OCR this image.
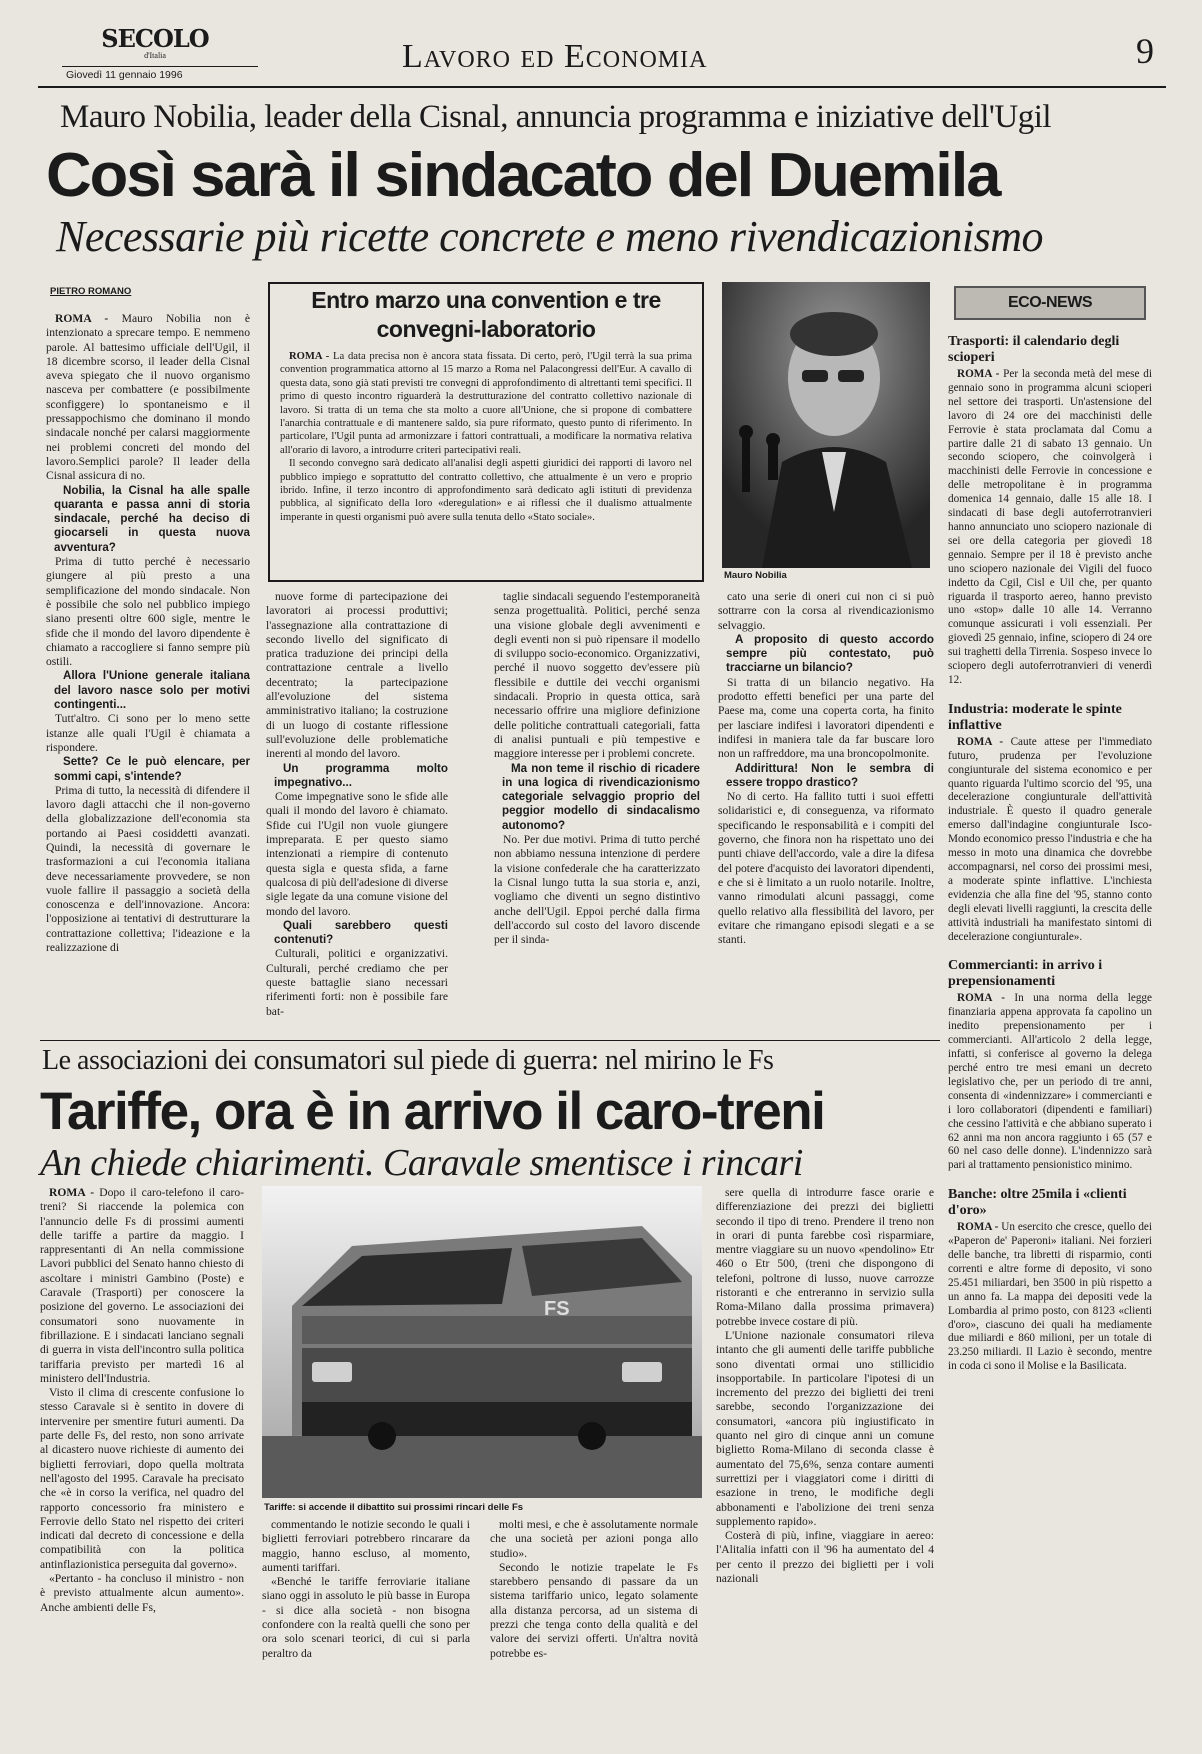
SECOLO
d'Italia
Giovedì 11 gennaio 1996	Lavoro ed Economia	9
Mauro Nobilia, leader della Cisnal, annuncia programma e iniziative dell'Ugil
Così sarà il sindacato del Duemila
Necessarie più ricette concrete e meno rivendicazionismo
PIETRO ROMANO

ROMA - Mauro Nobilia non è intenzionato a sprecare tempo. E nemmeno parole. Al battesimo ufficiale dell'Ugil, il 18 dicembre scorso, il leader della Cisnal aveva spiegato che il nuovo organismo nasceva per combattere (e possibilmente sconfiggere) lo spontaneismo e il pressappochismo che dominano il mondo sindacale nonché per calarsi maggiormente nei problemi concreti del mondo del lavoro.Semplici parole? Il leader della Cisnal assicura di no.

Nobilia, la Cisnal ha alle spalle quaranta e passa anni di storia sindacale, perché ha deciso di giocarseli in questa nuova avventura?

Prima di tutto perché è necessario giungere al più presto a una semplificazione del mondo sindacale. Non è possibile che solo nel pubblico impiego siano presenti oltre 600 sigle, mentre le sfide che il mondo del lavoro dipendente è chiamato a raccogliere si fanno sempre più ostili.

Allora l'Unione generale italiana del lavoro nasce solo per motivi contingenti...

Tutt'altro. Ci sono per lo meno sette istanze alle quali l'Ugil è chiamata a rispondere.

Sette? Ce le può elencare, per sommi capi, s'intende?

Prima di tutto, la necessità di difendere il lavoro dagli attacchi che il non-governo della globalizzazione dell'economia sta portando ai Paesi cosiddetti avanzati. Quindi, la necessità di governare le trasformazioni a cui l'economia italiana deve necessariamente provvedere, se non vuole fallire il passaggio a società della conoscenza e dell'innovazione. Ancora: l'opposizione ai tentativi di destrutturare la contrattazione collettiva; l'ideazione e la realizzazione di

nuove forme di partecipazione dei lavoratori ai processi produttivi; l'assegnazione alla contrattazione di secondo livello del significato di pratica traduzione dei principi della contrattazione centrale a livello decentrato; la partecipazione all'evoluzione del sistema amministrativo italiano; la costruzione di un luogo di costante riflessione sull'evoluzione delle problematiche inerenti al mondo del lavoro.

Un programma molto impegnativo...

Come impegnative sono le sfide alle quali il mondo del lavoro è chiamato. Sfide cui l'Ugil non vuole giungere impreparata. E per questo siamo intenzionati a riempire di contenuto questa sigla e questa sfida, a farne qualcosa di più dell'adesione di diverse sigle legate da una comune visione del mondo del lavoro.

Quali sarebbero questi contenuti?

Culturali, politici e organizzativi. Culturali, perché crediamo che per queste battaglie siano necessari riferimenti forti: non è possibile fare bat-

taglie sindacali seguendo l'estemporaneità senza progettualità. Politici, perché senza una visione globale degli avvenimenti e degli eventi non si può ripensare il modello di sviluppo socio-economico. Organizzativi, perché il nuovo soggetto dev'essere più flessibile e duttile dei vecchi organismi sindacali. Proprio in questa ottica, sarà necessario offrire una migliore definizione delle politiche contrattuali categoriali, fatta di analisi puntuali e più tempestive e maggiore interesse per i problemi concrete.

Ma non teme il rischio di ricadere in una logica di rivendicazionismo categoriale selvaggio proprio del peggior modello di sindacalismo autonomo?

No. Per due motivi. Prima di tutto perché non abbiamo nessuna intenzione di perdere la visione confederale che ha caratterizzato la Cisnal lungo tutta la sua storia e, anzi, vogliamo che diventi un segno distintivo anche dell'Ugil. Eppoi perché dalla firma dell'accordo sul costo del lavoro discende per il sinda-

cato una serie di oneri cui non ci si può sottrarre con la corsa al rivendicazionismo selvaggio.

A proposito di questo accordo sempre più contestato, può tracciarne un bilancio?

Si tratta di un bilancio negativo. Ha prodotto effetti benefici per una parte del Paese ma, come una coperta corta, ha finito per lasciare indifesi i lavoratori dipendenti e indifesi in maniera tale da far buscare loro non un raffreddore, ma una broncopolmonite.

Addirittura! Non le sembra di essere troppo drastico?

No di certo. Ha fallito tutti i suoi effetti solidaristici e, di conseguenza, va riformato specificando le responsabilità e i compiti del governo, che finora non ha rispettato uno dei punti chiave dell'accordo, vale a dire la difesa del potere d'acquisto dei lavoratori dipendenti, e che si è limitato a un ruolo notarile. Inoltre, vanno rimodulati alcuni passaggi, come quello relativo alla flessibilità del lavoro, per evitare che rimangano episodi slegati e a se stanti.

Entro marzo una convention e tre convegni-laboratorio

ROMA - La data precisa non è ancora stata fissata. Di certo, però, l'Ugil terrà la sua prima convention programmatica attorno al 15 marzo a Roma nel Palacongressi dell'Eur. A cavallo di questa data, sono già stati previsti tre convegni di approfondimento di altrettanti temi specifici. Il primo di questo incontro riguarderà la destrutturazione del contratto collettivo nazionale di lavoro. Si tratta di un tema che sta molto a cuore all'Unione, che si propone di combattere l'anarchia contrattuale e di mantenere saldo, sia pure riformato, questo punto di riferimento. In particolare, l'Ugil punta ad armonizzare i fattori contrattuali, a modificare la normativa relativa all'orario di lavoro, a introdurre criteri partecipativi reali.

Il secondo convegno sarà dedicato all'analisi degli aspetti giuridici dei rapporti di lavoro nel pubblico impiego e soprattutto del contratto collettivo, che attualmente è un vero e proprio ibrido. Infine, il terzo incontro di approfondimento sarà dedicato agli istituti di previdenza pubblica, al significato della loro «deregulation» e ai riflessi che il dualismo attualmente imperante in questi organismi può avere sulla tenuta dello «Stato sociale».

Mauro Nobilia
ECO-NEWS
Trasporti: il calendario degli scioperi

ROMA - Per la seconda metà del mese di gennaio sono in programma alcuni scioperi nel settore dei trasporti. Un'astensione del lavoro di 24 ore dei macchinisti delle Ferrovie è stata proclamata dal Comu a partire dalle 21 di sabato 13 gennaio. Un secondo sciopero, che coinvolgerà i macchinisti delle Ferrovie in concessione e delle metropolitane è in programma domenica 14 gennaio, dalle 15 alle 18. I sindacati di base degli autoferrotranvieri hanno annunciato uno sciopero nazionale di sei ore della categoria per giovedì 18 gennaio. Sempre per il 18 è previsto anche uno sciopero nazionale dei Vigili del fuoco indetto da Cgil, Cisl e Uil che, per quanto riguarda il trasporto aereo, hanno previsto uno «stop» dalle 10 alle 14. Verranno comunque assicurati i voli essenziali. Per giovedì 25 gennaio, infine, sciopero di 24 ore sui traghetti della Tirrenia. Sospeso invece lo sciopero degli autoferrotranvieri di venerdì 12.

Industria: moderate le spinte inflattive

ROMA - Caute attese per l'immediato futuro, prudenza per l'evoluzione congiunturale del sistema economico e per quanto riguarda l'ultimo scorcio del '95, una decelerazione congiunturale dell'attività industriale. È questo il quadro generale emerso dall'indagine congiunturale Isco-Mondo economico presso l'industria e che ha messo in moto una dinamica che dovrebbe accompagnarsi, nel corso dei prossimi mesi, a moderate spinte inflattive. L'inchiesta evidenzia che alla fine del '95, stanno conto degli elevati livelli raggiunti, la crescita delle attività industriali ha manifestato sintomi di decelerazione congiunturale».

Commercianti: in arrivo i prepensionamenti

ROMA - In una norma della legge finanziaria appena approvata fa capolino un inedito prepensionamento per i commercianti. All'articolo 2 della legge, infatti, si conferisce al governo la delega perché entro tre mesi emani un decreto legislativo che, per un periodo di tre anni, consenta di «indennizzare» i commercianti e i loro collaboratori (dipendenti e familiari) che cessino l'attività e che abbiano superato i 62 anni ma non ancora raggiunto i 65 (57 e 60 nel caso delle donne). L'indennizzo sarà pari al trattamento pensionistico minimo.

Banche: oltre 25mila i «clienti d'oro»

ROMA - Un esercito che cresce, quello dei «Paperon de' Paperoni» italiani. Nei forzieri delle banche, tra libretti di risparmio, conti correnti e altre forme di deposito, vi sono 25.451 miliardari, ben 3500 in più rispetto a un anno fa. La mappa dei depositi vede la Lombardia al primo posto, con 8123 «clienti d'oro», ciascuno dei quali ha mediamente due miliardi e 860 milioni, per un totale di 23.250 miliardi. Il Lazio è secondo, mentre in coda ci sono il Molise e la Basilicata.

Le associazioni dei consumatori sul piede di guerra: nel mirino le Fs
Tariffe, ora è in arrivo il caro-treni
An chiede chiarimenti. Caravale smentisce i rincari

ROMA - Dopo il caro-telefono il caro-treni? Si riaccende la polemica con l'annuncio delle Fs di prossimi aumenti delle tariffe a partire da maggio. I rappresentanti di An nella commissione Lavori pubblici del Senato hanno chiesto di ascoltare i ministri Gambino (Poste) e Caravale (Trasporti) per conoscere la posizione del governo. Le associazioni dei consumatori sono nuovamente in fibrillazione. E i sindacati lanciano segnali di guerra in vista dell'incontro sulla politica tariffaria previsto per martedì 16 al ministero dell'Industria.

Visto il clima di crescente confusione lo stesso Caravale si è sentito in dovere di intervenire per smentire futuri aumenti. Da parte delle Fs, del resto, non sono arrivate al dicastero nuove richieste di aumento dei biglietti ferroviari, dopo quella moltrata nell'agosto del 1995. Caravale ha precisato che «è in corso la verifica, nel quadro del rapporto concessorio fra ministero e Ferrovie dello Stato nel rispetto dei criteri indicati dal decreto di concessione e della compatibilità con la politica antinflazionistica perseguita dal governo».

«Pertanto - ha concluso il ministro - non è previsto attualmente alcun aumento». Anche ambienti delle Fs,

FS
Tariffe: si accende il dibattito sui prossimi rincari delle Fs

commentando le notizie secondo le quali i biglietti ferroviari potrebbero rincarare da maggio, hanno escluso, al momento, aumenti tariffari.

«Benché le tariffe ferroviarie italiane siano oggi in assoluto le più basse in Europa - si dice alla società - non bisogna confondere con la realtà quelli che sono per ora solo scenari teorici, di cui si parla peraltro da

molti mesi, e che è assolutamente normale che una società per azioni ponga allo studio».

Secondo le notizie trapelate le Fs starebbero pensando di passare da un sistema tariffario unico, legato solamente alla distanza percorsa, ad un sistema di prezzi che tenga conto della qualità e del valore dei servizi offerti. Un'altra novità potrebbe es-

sere quella di introdurre fasce orarie e differenziazione dei prezzi dei biglietti secondo il tipo di treno. Prendere il treno non in orari di punta farebbe così risparmiare, mentre viaggiare su un nuovo «pendolino» Etr 460 o Etr 500, (treni che dispongono di telefoni, poltrone di lusso, nuove carrozze ristoranti e che entreranno in servizio sulla Roma-Milano dalla prossima primavera) potrebbe invece costare di più.

L'Unione nazionale consumatori rileva intanto che gli aumenti delle tariffe pubbliche sono diventati ormai uno stillicidio insopportabile. In particolare l'ipotesi di un incremento del prezzo dei biglietti dei treni sarebbe, secondo l'organizzazione dei consumatori, «ancora più ingiustificato in quanto nel giro di cinque anni un comune biglietto Roma-Milano di seconda classe è aumentato del 75,6%, senza contare aumenti surrettizi per i viaggiatori come i diritti di esazione in treno, le modifiche degli abbonamenti e l'abolizione dei treni senza supplemento rapido».

Costerà di più, infine, viaggiare in aereo: l'Alitalia infatti con il '96 ha aumentato del 4 per cento il prezzo dei biglietti per i voli nazionali
